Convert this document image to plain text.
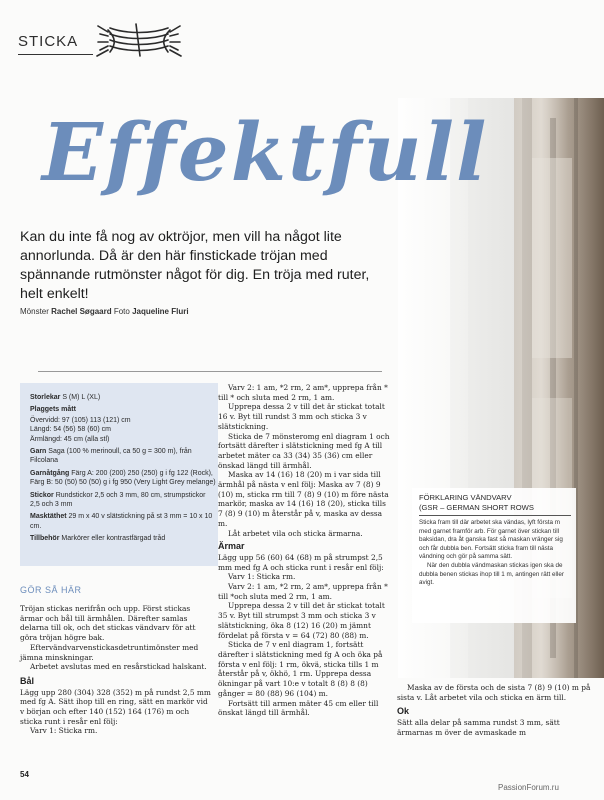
STICKA
Effektfull
Kan du inte få nog av oktröjor, men vill ha något lite annorlunda. Då är den här finstickade tröjan med spännande rutmönster något för dig. En tröja med ruter, helt enkelt!
Mönster Rachel Søgaard Foto Jaqueline Fluri

Storlekar S (M) L (XL)

Plaggets mått

Övervidd: 97 (105) 113 (121) cm

Längd: 54 (56) 58 (60) cm

Ärmlängd: 45 cm (alla stl)

Garn Saga (100 % merinoull, ca 50 g = 300 m), från Filcolana

Garnåtgång Färg A: 200 (200) 250 (250) g i fg 122 (Rock), Färg B: 50 (50) 50 (50) g i fg 950 (Very Light Grey melange)

Stickor Rundstickor 2,5 och 3 mm, 80 cm, strumpstickor 2,5 och 3 mm

Masktäthet 29 m x 40 v slätstickning på st 3 mm = 10 x 10 cm.

Tillbehör Markörer eller kontrastfärgad tråd

GÖR SÅ HÄR

Tröjan stickas nerifrån och upp. Först stickas ärmar och bål till ärmhålen. Därefter samlas delarna till ok, och det stickas vändvarv för att göra tröjan högre bak.

Eftervändvarvenstickasdetruntimönster med jämna minskningar.

Arbetet avslutas med en resårstickad halskant.

Bål

Lägg upp 280 (304) 328 (352) m på rundst 2,5 mm med fg A. Sätt ihop till en ring, sätt en markör vid v början och efter 140 (152) 164 (176) m och sticka runt i resår enl följ:

Varv 1: Sticka rm.

Varv 2: 1 am, *2 rm, 2 am*, upprepa från * till * och sluta med 2 rm, 1 am.

Upprepa dessa 2 v till det är stickat totalt 16 v. Byt till rundst 3 mm och sticka 3 v slätstickning.

Sticka de 7 mönsteromg enl diagram 1 och fortsätt därefter i slätstickning med fg A till arbetet mäter ca 33 (34) 35 (36) cm eller önskad längd till ärmhål.

Maska av 14 (16) 18 (20) m i var sida till ärmhål på nästa v enl följ: Maska av 7 (8) 9 (10) m, sticka rm till 7 (8) 9 (10) m före nästa markör, maska av 14 (16) 18 (20), sticka tills 7 (8) 9 (10) m återstår på v, maska av dessa m.

Låt arbetet vila och sticka ärmarna.

Ärmar

Lägg upp 56 (60) 64 (68) m på strumpst 2,5 mm med fg A och sticka runt i resår enl följ:

Varv 1: Sticka rm.

Varv 2: 1 am, *2 rm, 2 am*, upprepa från * till *och sluta med 2 rm, 1 am.

Upprepa dessa 2 v till det är stickat totalt 35 v. Byt till strumpst 3 mm och sticka 3 v slätstickning, öka 8 (12) 16 (20) m jämnt fördelat på första v = 64 (72) 80 (88) m.

Sticka de 7 v enl diagram 1, fortsätt därefter i slätstickning med fg A och öka på första v enl följ: 1 rm, ökvä, sticka tills 1 m återstår på v, ökhö, 1 rm. Upprepa dessa ökningar på vart 10:e v totalt 8 (8) 8 (8) gånger = 80 (88) 96 (104) m.

Fortsätt till armen mäter 45 cm eller till önskat längd till ärmhål.

FÖRKLARING VÄNDVARV
(GSR – GERMAN SHORT ROWS

Sticka fram till där arbetet ska vändas, lyft första m med garnet framför arb. För garnet över stickan till baksidan, dra åt ganska fast så maskan vränger sig och får dubbla ben. Fortsätt sticka fram till nästa vändning och gör på samma sätt.

När den dubbla vändmaskan stickas igen ska de dubbla benen stickas ihop till 1 m, antingen rätt eller avigt.

Maska av de första och de sista 7 (8) 9 (10) m på sista v. Låt arbetet vila och sticka en ärm till.

Ok

Sätt alla delar på samma rundst 3 mm, sätt ärmarnas m över de avmaskade m

54
PassionForum.ru
